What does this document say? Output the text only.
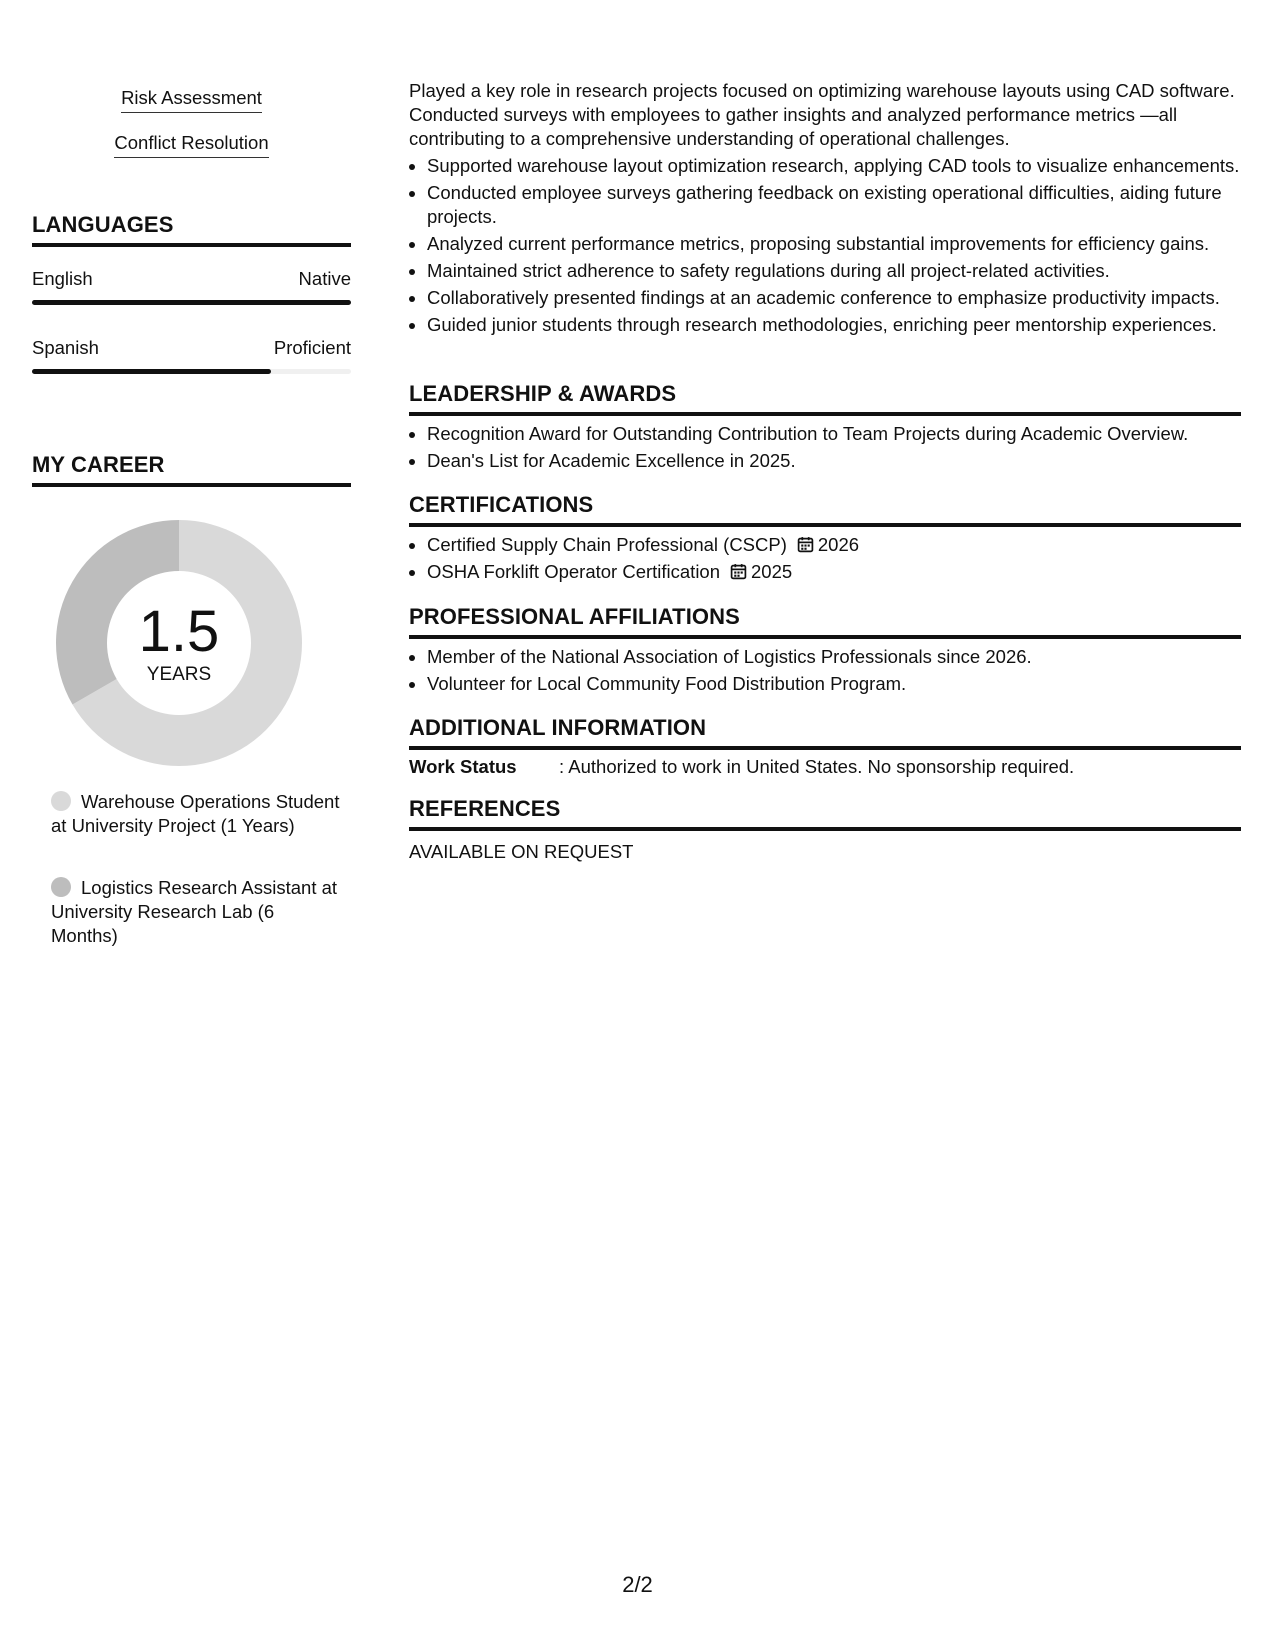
Risk Assessment
Conflict Resolution
LANGUAGES
English	Native
Spanish	Proficient
MY CAREER
1.5
YEARS
Warehouse Operations Student at University Project (1 Years)
Logistics Research Assistant at University Research Lab (6 Months)

Played a key role in research projects focused on optimizing warehouse layouts using CAD software. Conducted surveys with employees to gather insights and analyzed performance metrics —all contributing to a comprehensive understanding of operational challenges.

• Supported warehouse layout optimization research, applying CAD tools to visualize enhancements.
• Conducted employee surveys gathering feedback on existing operational difficulties, aiding future projects.
• Analyzed current performance metrics, proposing substantial improvements for efficiency gains.
• Maintained strict adherence to safety regulations during all project-related activities.
• Collaboratively presented findings at an academic conference to emphasize productivity impacts.
• Guided junior students through research methodologies, enriching peer mentorship experiences.
LEADERSHIP & AWARDS
• Recognition Award for Outstanding Contribution to Team Projects during Academic Overview.
• Dean's List for Academic Excellence in 2025.
CERTIFICATIONS
• Certified Supply Chain Professional (CSCP) 2026
• OSHA Forklift Operator Certification 2025
PROFESSIONAL AFFILIATIONS
• Member of the National Association of Logistics Professionals since 2026.
• Volunteer for Local Community Food Distribution Program.
ADDITIONAL INFORMATION
Work Status : Authorized to work in United States. No sponsorship required.
REFERENCES
AVAILABLE ON REQUEST
2/2
